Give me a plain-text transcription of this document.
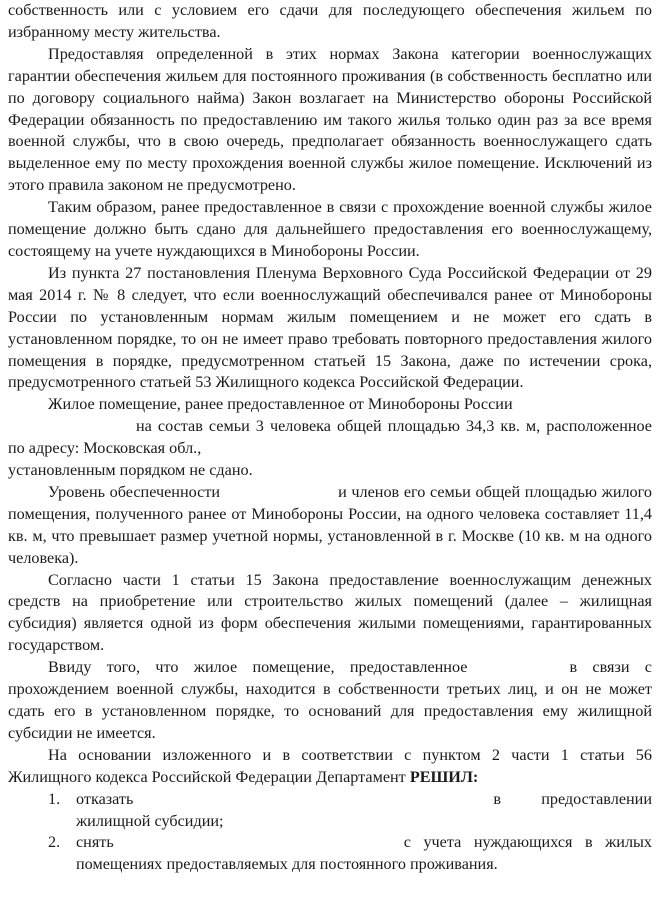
собственность или с условием его сдачи для последующего обеспечения жильем по избранному месту жительства.

Предоставляя определенной в этих нормах Закона категории военнослужащих гарантии обеспечения жильем для постоянного проживания (в собственность бесплатно или по договору социального найма) Закон возлагает на Министерство обороны Российской Федерации обязанность по предоставлению им такого жилья только один раз за все время военной службы, что в свою очередь, предполагает обязанность военнослужащего сдать выделенное ему по месту прохождения военной службы жилое помещение. Исключений из этого правила законом не предусмотрено.

Таким образом, ранее предоставленное в связи с прохождение военной службы жилое помещение должно быть сдано для дальнейшего предоставления его военнослужащему, состоящему на учете нуждающихся в Минобороны России.

Из пункта 27 постановления Пленума Верховного Суда Российской Федерации от 29 мая 2014 г. № 8 следует, что если военнослужащий обеспечивался ранее от Минобороны России по установленным нормам жилым помещением и не может его сдать в установленном порядке, то он не имеет право требовать повторного предоставления жилого помещения в порядке, предусмотренном статьей 15 Закона, даже по истечении срока, предусмотренного статьей 53 Жилищного кодекса Российской Федерации.

Жилое помещение, ранее предоставленное от Минобороны России
на состав семьи 3 человека общей площадью 34,3 кв. м, расположенное по адресу: Московская обл.,
установленным порядком не сдано.

Уровень обеспеченности	и членов его семьи общей площадью жилого помещения, полученного ранее от Минобороны России, на одного человека составляет 11,4 кв. м, что превышает размер учетной нормы, установленной в г. Москве (10 кв. м на одного человека).

Согласно части 1 статьи 15 Закона предоставление военнослужащим денежных средств на приобретение или строительство жилых помещений (далее – жилищная субсидия) является одной из форм обеспечения жилыми помещениями, гарантированных государством.

Ввиду того, что жилое помещение, предоставленное	в связи с прохождением военной службы, находится в собственности третьих лиц, и он не может сдать его в установленном порядке, то оснований для предоставления ему жилищной субсидии не имеется.

На основании изложенного и в соответствии с пунктом 2 части 1 статьи 56 Жилищного кодекса Российской Федерации Департамент РЕШИЛ:

1. отказать	в предоставлении жилищной субсидии;
2. снять	с учета нуждающихся в жилых помещениях предоставляемых для постоянного проживания.
